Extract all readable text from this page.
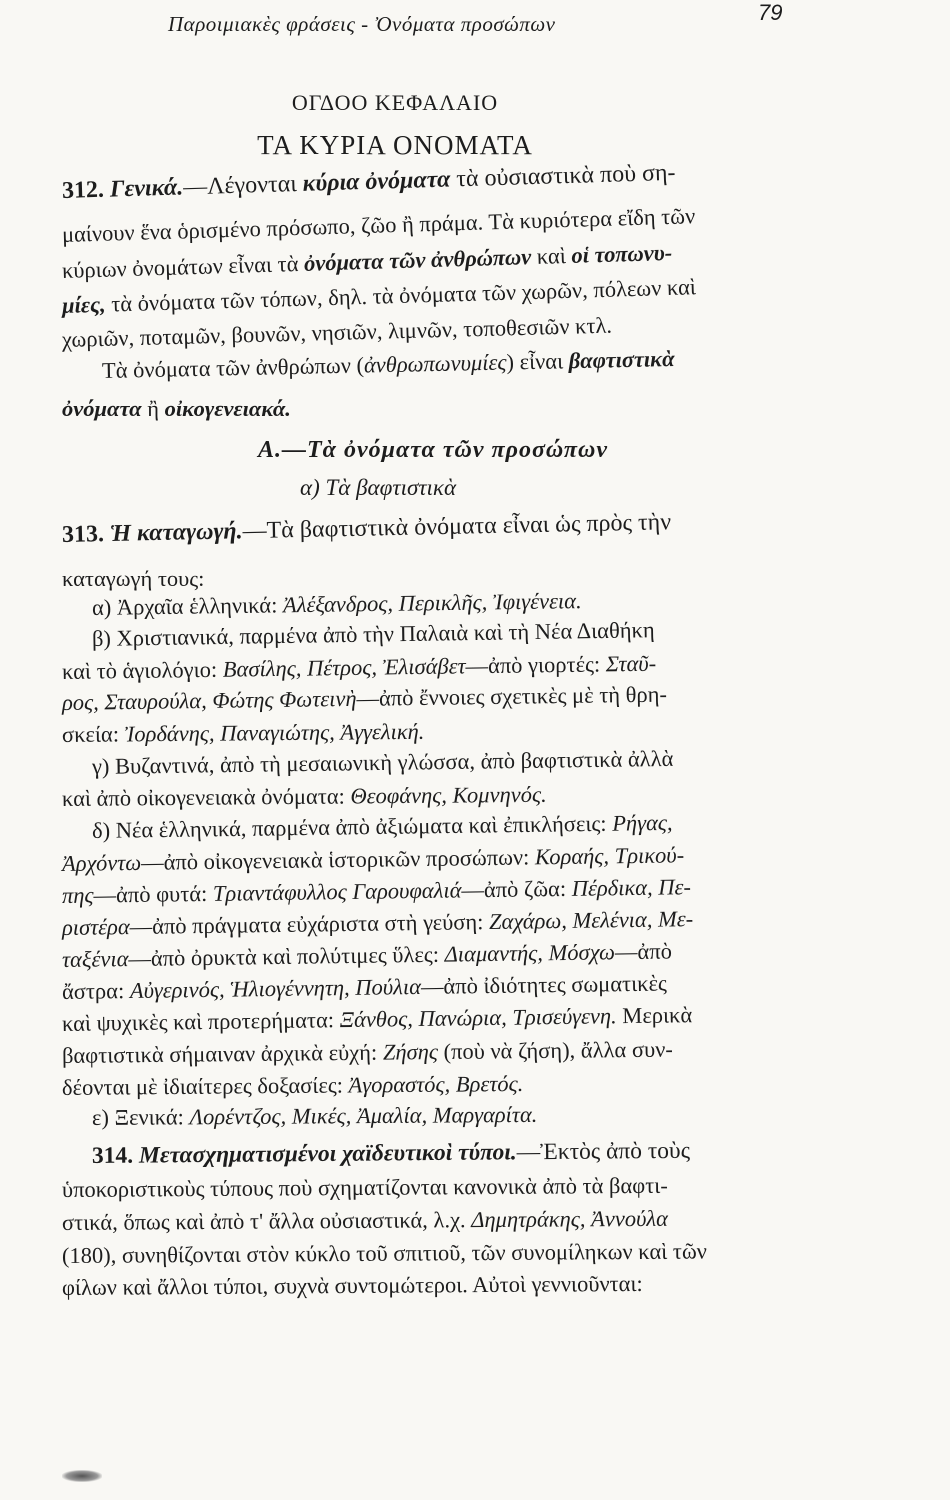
Παροιμιακὲς φράσεις - Ὀνόματα προσώπων	79
ΟΓΔΟΟ ΚΕΦΑΛΑΙΟ
ΤΑ ΚΥΡΙΑ ΟΝΟΜΑΤΑ
312. Γενικά.—Λέγονται κύρια ὀνόματα τὰ οὐσιαστικὰ ποὺ ση-
μαίνουν ἕνα ὁρισμένο πρόσωπο, ζῶο ἢ πράμα. Τὰ κυριότερα εἴδη τῶν
κύριων ὀνομάτων εἶναι τὰ ὀνόματα τῶν ἀνθρώπων καὶ οἱ τοπωνυ-
μίες, τὰ ὀνόματα τῶν τόπων, δηλ. τὰ ὀνόματα τῶν χωρῶν, πόλεων καὶ
χωριῶν, ποταμῶν, βουνῶν, νησιῶν, λιμνῶν, τοποθεσιῶν κτλ.
Τὰ ὀνόματα τῶν ἀνθρώπων (ἀνθρωπωνυμίες) εἶναι βαφτιστικὰ
ὀνόματα ἢ οἰκογενειακά.
Α.—Τὰ ὀνόματα τῶν προσώπων
α) Τὰ βαφτιστικὰ
313. Ἡ καταγωγή.—Τὰ βαφτιστικὰ ὀνόματα εἶναι ὡς πρὸς τὴν
καταγωγή τους:
α) Ἀρχαῖα ἑλληνικά: Ἀλέξανδρος, Περικλῆς, Ἰφιγένεια.
β) Χριστιανικά, παρμένα ἀπὸ τὴν Παλαιὰ καὶ τὴ Νέα Διαθήκη
καὶ τὸ ἁγιολόγιο: Βασίλης, Πέτρος, Ἐλισάβετ—ἀπὸ γιορτές: Σταῦ-
ρος, Σταυρούλα, Φώτης Φωτεινὴ—ἀπὸ ἔννοιες σχετικὲς μὲ τὴ θρη-
σκεία: Ἰορδάνης, Παναγιώτης, Ἀγγελική.
γ) Βυζαντινά, ἀπὸ τὴ μεσαιωνικὴ γλώσσα, ἀπὸ βαφτιστικὰ ἀλλὰ
καὶ ἀπὸ οἰκογενειακὰ ὀνόματα: Θεοφάνης, Κομνηνός.
δ) Νέα ἑλληνικά, παρμένα ἀπὸ ἀξιώματα καὶ ἐπικλήσεις: Ρήγας,
Ἀρχόντω—ἀπὸ οἰκογενειακὰ ἱστορικῶν προσώπων: Κοραής, Τρικού-
πης—ἀπὸ φυτά: Τριαντάφυλλος Γαρουφαλιά—ἀπὸ ζῶα: Πέρδικα, Πε-
ριστέρα—ἀπὸ πράγματα εὐχάριστα στὴ γεύση: Ζαχάρω, Μελένια, Με-
ταξένια—ἀπὸ ὀρυκτὰ καὶ πολύτιμες ὕλες: Διαμαντής, Μόσχω—ἀπὸ
ἄστρα: Αὐγερινός, Ἡλιογέννητη, Πούλια—ἀπὸ ἰδιότητες σωματικὲς
καὶ ψυχικὲς καὶ προτερήματα: Ξάνθος, Πανώρια, Τρισεύγενη. Μερικὰ
βαφτιστικὰ σήμαιναν ἀρχικὰ εὐχή: Ζήσης (ποὺ νὰ ζήση), ἄλλα συν-
δέονται μὲ ἰδιαίτερες δοξασίες: Ἀγοραστός, Βρετός.
ε) Ξενικά: Λορέντζος, Μικές, Ἀμαλία, Μαργαρίτα.
314. Μετασχηματισμένοι χαϊδευτικοὶ τύποι.—Ἐκτὸς ἀπὸ τοὺς
ὑποκοριστικοὺς τύπους ποὺ σχηματίζονται κανονικὰ ἀπὸ τὰ βαφτι-
στικά, ὅπως καὶ ἀπὸ τ' ἄλλα οὐσιαστικά, λ.χ. Δημητράκης, Ἀννούλα
(180), συνηθίζονται στὸν κύκλο τοῦ σπιτιοῦ, τῶν συνομίληκων καὶ τῶν
φίλων καὶ ἄλλοι τύποι, συχνὰ συντομώτεροι. Αὐτοὶ γεννιοῦνται:
